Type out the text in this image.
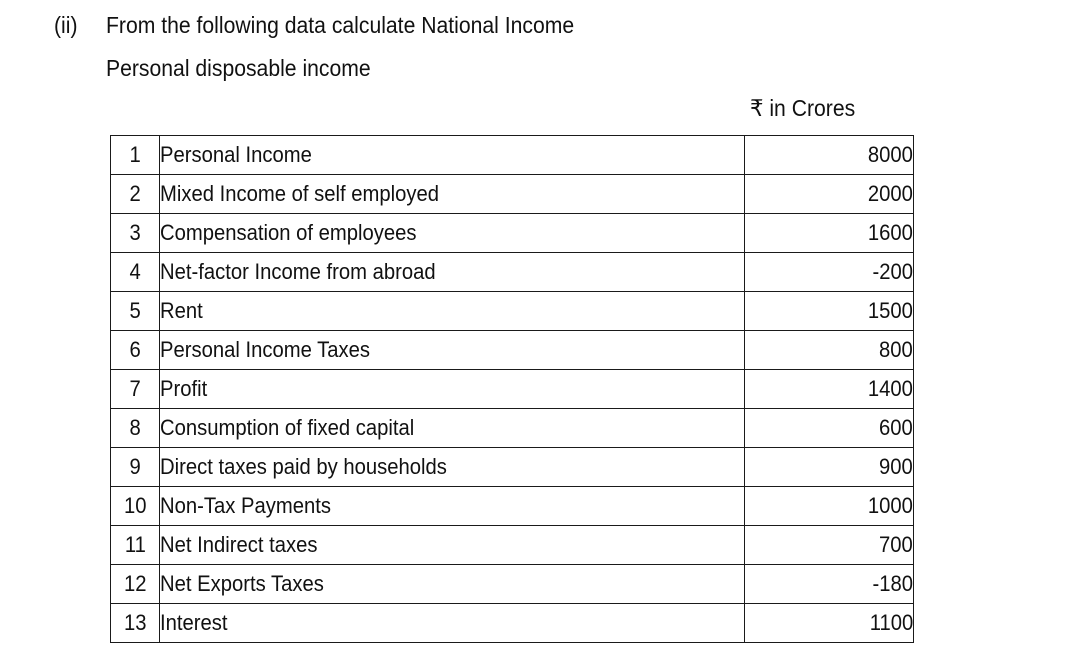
(ii) From the following data calculate National Income
Personal disposable income
₹ in Crores
1	Personal Income	8000
2	Mixed Income of self employed	2000
3	Compensation of employees	1600
4	Net-factor Income from abroad	-200
5	Rent	1500
6	Personal Income Taxes	800
7	Profit	1400
8	Consumption of fixed capital	600
9	Direct taxes paid by households	900
10	Non-Tax Payments	1000
11	Net Indirect taxes	700
12	Net Exports Taxes	-180
13	Interest	1100
